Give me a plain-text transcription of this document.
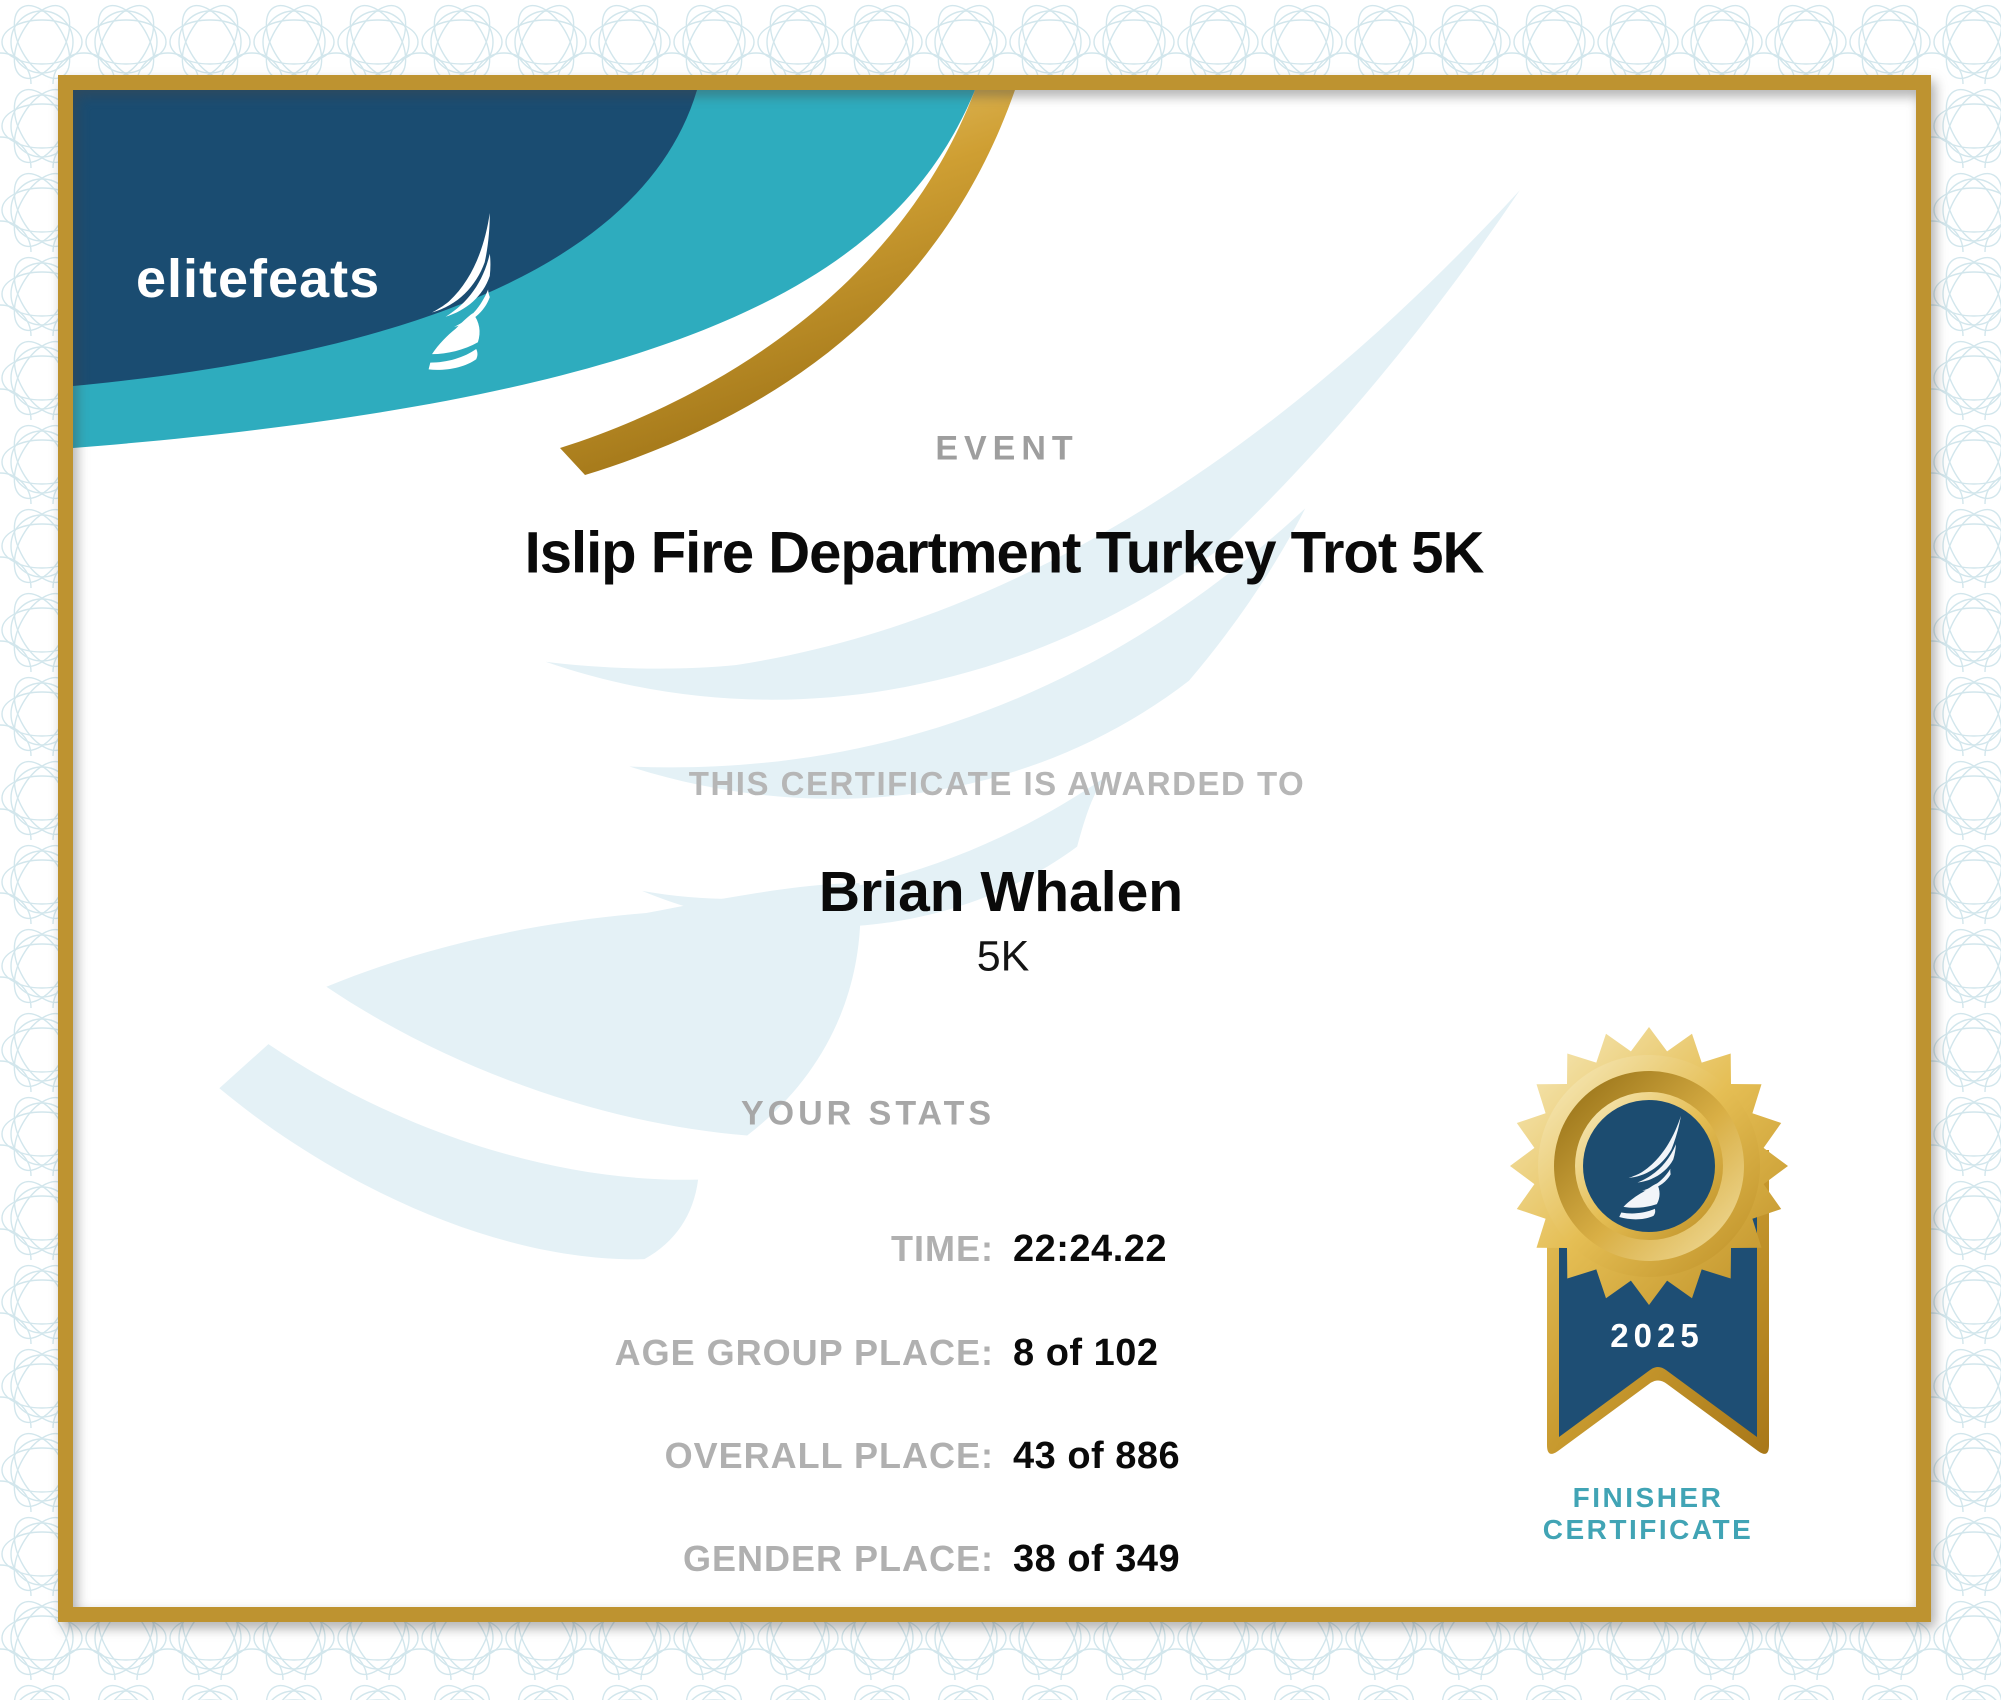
elitefeats
EVENT
Islip Fire Department Turkey Trot 5K
THIS CERTIFICATE IS AWARDED TO
Brian Whalen
5K
YOUR STATS
TIME: 22:24.22
AGE GROUP PLACE: 8 of 102
OVERALL PLACE: 43 of 886
GENDER PLACE: 38 of 349
2025
FINISHER
CERTIFICATE
